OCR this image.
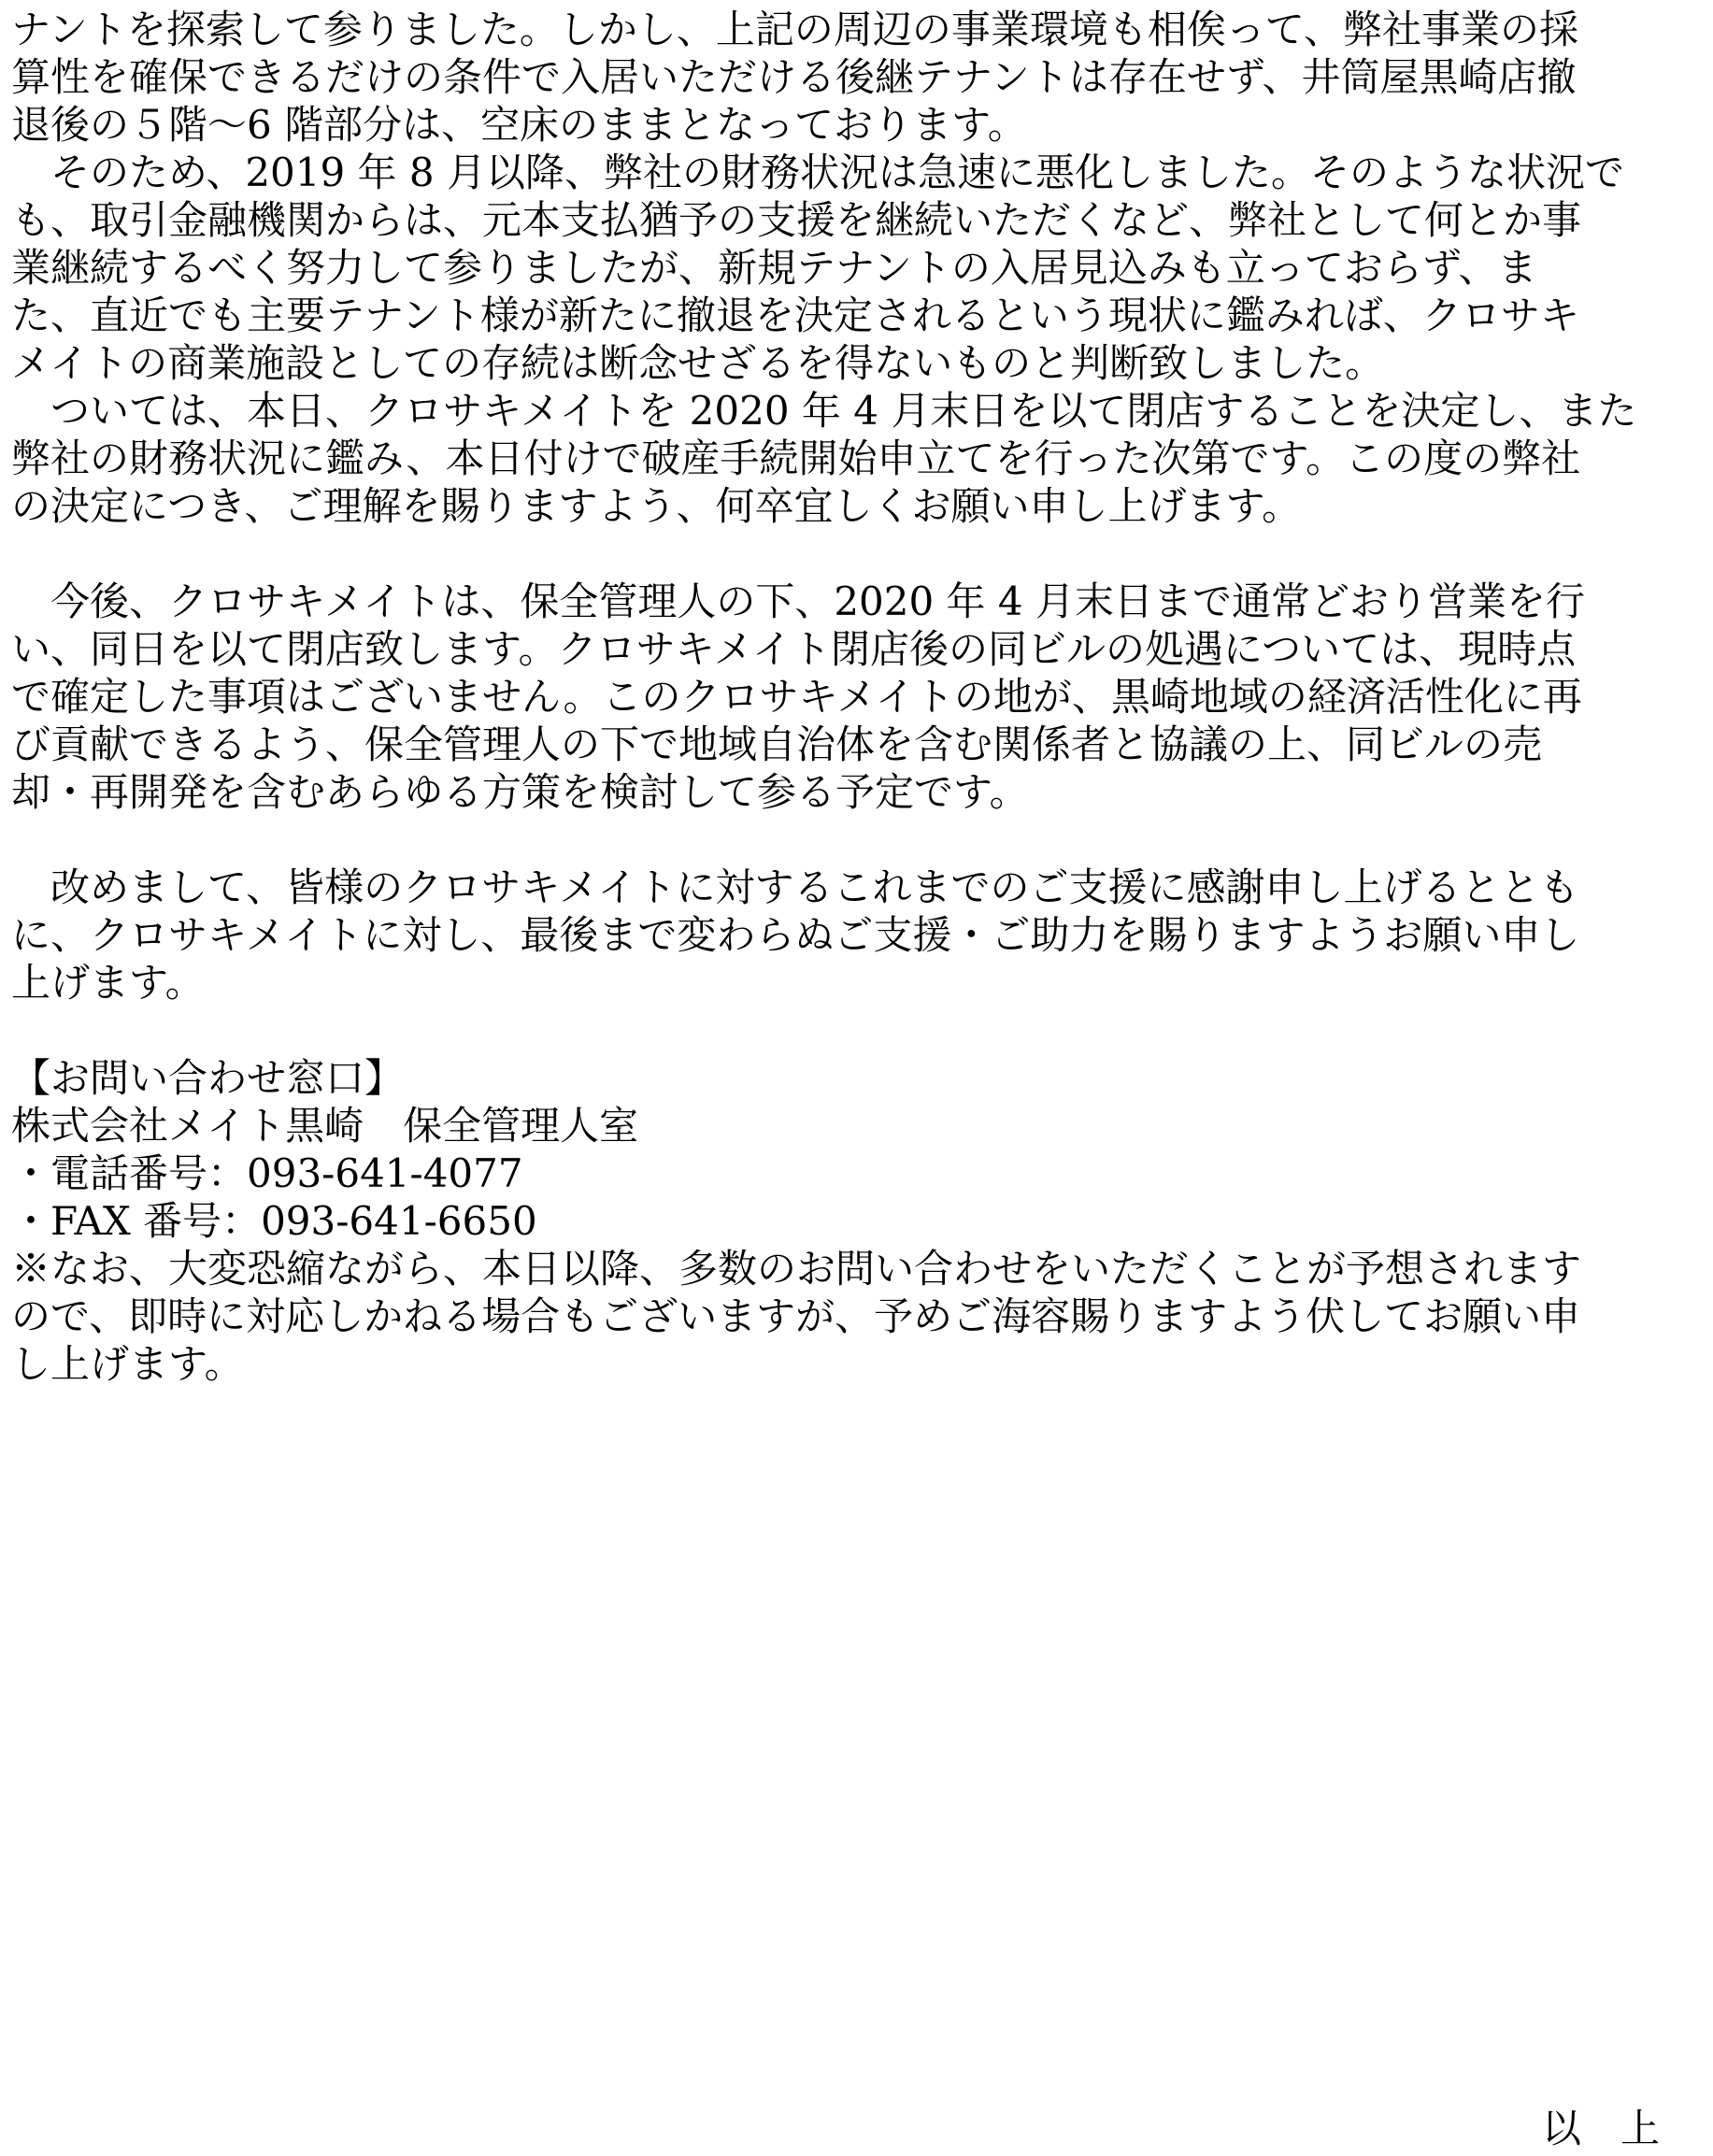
ナントを探索して参りました。しかし、上記の周辺の事業環境も相俟って、弊社事業の採
算性を確保できるだけの条件で入居いただける後継テナントは存在せず、井筒屋黒崎店撤
退後の５階～6 階部分は、空床のままとなっております。
そのため、2019 年 8 月以降、弊社の財務状況は急速に悪化しました。そのような状況で
も、取引金融機関からは、元本支払猶予の支援を継続いただくなど、弊社として何とか事
業継続するべく努力して参りましたが、新規テナントの入居見込みも立っておらず、ま
た、直近でも主要テナント様が新たに撤退を決定されるという現状に鑑みれば、クロサキ
メイトの商業施設としての存続は断念せざるを得ないものと判断致しました。
ついては、本日、クロサキメイトを 2020 年 4 月末日を以て閉店することを決定し、また
弊社の財務状況に鑑み、本日付けで破産手続開始申立てを行った次第です。この度の弊社
の決定につき、ご理解を賜りますよう、何卒宜しくお願い申し上げます。
今後、クロサキメイトは、保全管理人の下、2020 年 4 月末日まで通常どおり営業を行
い、同日を以て閉店致します。クロサキメイト閉店後の同ビルの処遇については、現時点
で確定した事項はございません。このクロサキメイトの地が、黒崎地域の経済活性化に再
び貢献できるよう、保全管理人の下で地域自治体を含む関係者と協議の上、同ビルの売
却・再開発を含むあらゆる方策を検討して参る予定です。
改めまして、皆様のクロサキメイトに対するこれまでのご支援に感謝申し上げるととも
に、クロサキメイトに対し、最後まで変わらぬご支援・ご助力を賜りますようお願い申し
上げます。
【お問い合わせ窓口】
株式会社メイト黒崎　保全管理人室
・電話番号：093-641-4077
・FAX 番号：093-641-6650
※なお、大変恐縮ながら、本日以降、多数のお問い合わせをいただくことが予想されます
ので、即時に対応しかねる場合もございますが、予めご海容賜りますよう伏してお願い申
し上げます。
以　上
